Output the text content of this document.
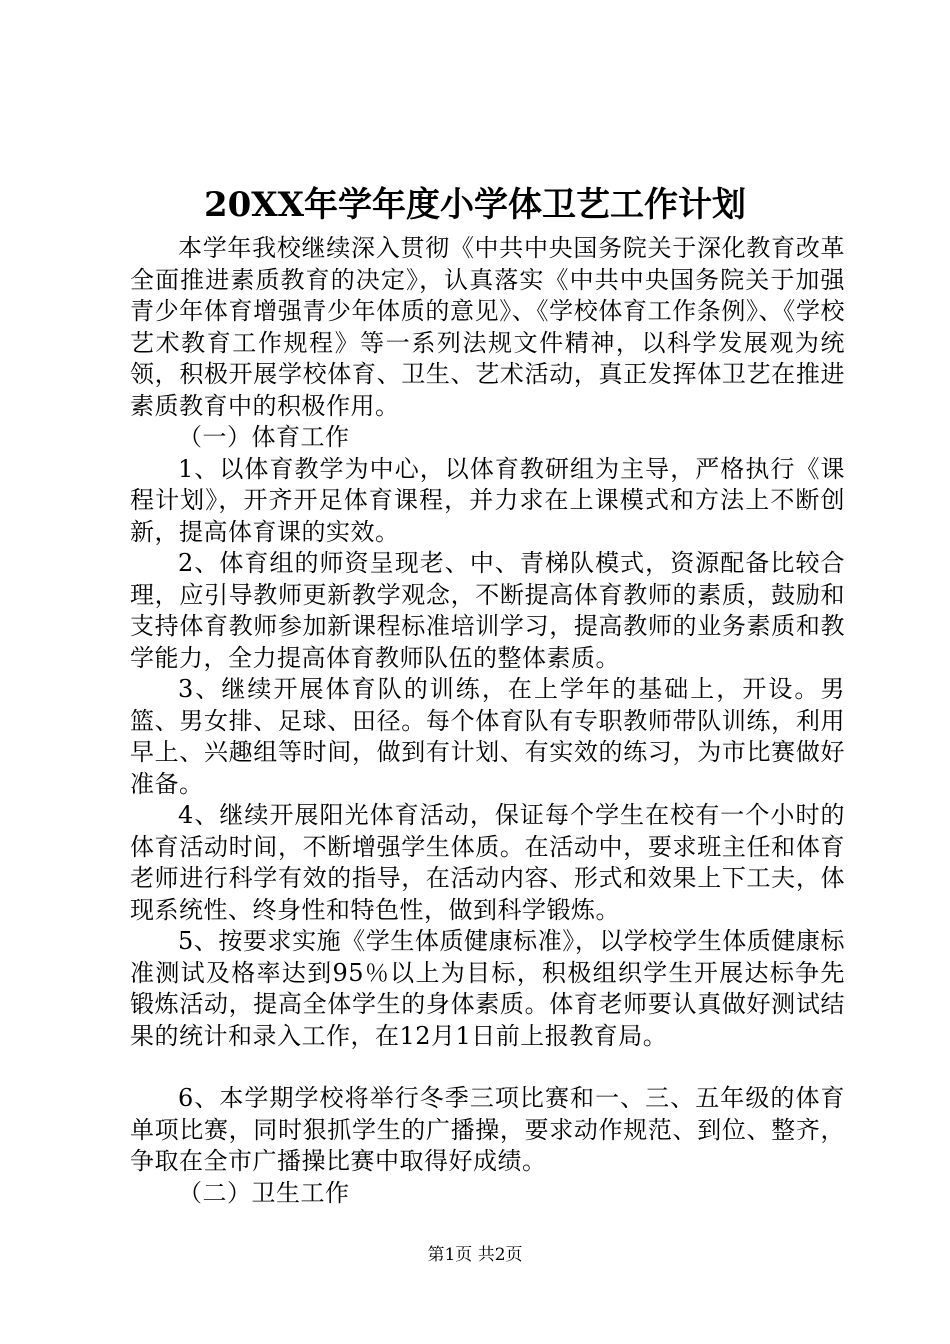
20XX年学年度小学体卫艺工作计划

本学年我校继续深入贯彻《中共中央国务院关于深化教育改革全面推进素质教育的决定》，认真落实《中共中央国务院关于加强青少年体育增强青少年体质的意见》、《学校体育工作条例》、《学校艺术教育工作规程》等一系列法规文件精神，以科学发展观为统领，积极开展学校体育、卫生、艺术活动，真正发挥体卫艺在推进素质教育中的积极作用。

（一）体育工作

1、以体育教学为中心，以体育教研组为主导，严格执行《课程计划》，开齐开足体育课程，并力求在上课模式和方法上不断创新，提高体育课的实效。

2、体育组的师资呈现老、中、青梯队模式，资源配备比较合理，应引导教师更新教学观念，不断提高体育教师的素质，鼓励和支持体育教师参加新课程标准培训学习，提高教师的业务素质和教学能力，全力提高体育教师队伍的整体素质。

3、继续开展体育队的训练，在上学年的基础上，开设。男篮、男女排、足球、田径。每个体育队有专职教师带队训练，利用早上、兴趣组等时间，做到有计划、有实效的练习，为市比赛做好准备。

4、继续开展阳光体育活动，保证每个学生在校有一个小时的体育活动时间，不断增强学生体质。在活动中，要求班主任和体育老师进行科学有效的指导，在活动内容、形式和效果上下工夫，体现系统性、终身性和特色性，做到科学锻炼。

5、按要求实施《学生体质健康标准》，以学校学生体质健康标准测试及格率达到95％以上为目标，积极组织学生开展达标争先锻炼活动，提高全体学生的身体素质。体育老师要认真做好测试结果的统计和录入工作，在12月1日前上报教育局。

6、本学期学校将举行冬季三项比赛和一、三、五年级的体育单项比赛，同时狠抓学生的广播操，要求动作规范、到位、整齐，争取在全市广播操比赛中取得好成绩。

（二）卫生工作

第1页 共2页
